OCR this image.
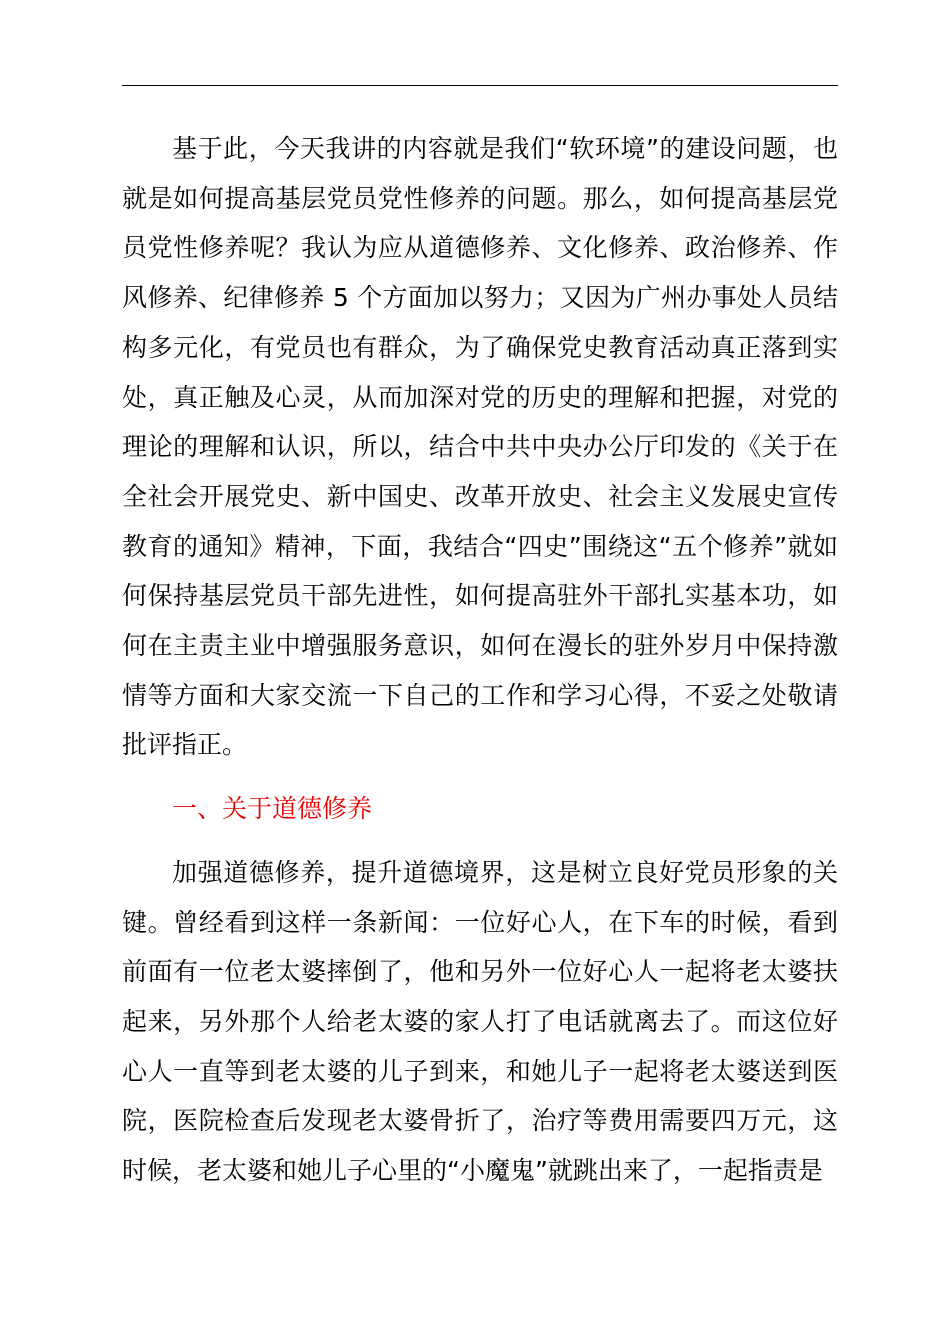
基于此，今天我讲的内容就是我们“软环境”的建设问题，也就是如何提高基层党员党性修养的问题。那么，如何提高基层党员党性修养呢？我认为应从道德修养、文化修养、政治修养、作风修养、纪律修养 5 个方面加以努力；又因为广州办事处人员结构多元化，有党员也有群众，为了确保党史教育活动真正落到实处，真正触及心灵，从而加深对党的历史的理解和把握，对党的理论的理解和认识，所以，结合中共中央办公厅印发的《关于在全社会开展党史、新中国史、改革开放史、社会主义发展史宣传教育的通知》精神，下面，我结合“四史”围绕这“五个修养”就如何保持基层党员干部先进性，如何提高驻外干部扎实基本功，如何在主责主业中增强服务意识，如何在漫长的驻外岁月中保持激情等方面和大家交流一下自己的工作和学习心得，不妥之处敬请批评指正。

一、关于道德修养

加强道德修养，提升道德境界，这是树立良好党员形象的关键。曾经看到这样一条新闻：一位好心人，在下车的时候，看到前面有一位老太婆摔倒了，他和另外一位好心人一起将老太婆扶起来，另外那个人给老太婆的家人打了电话就离去了。而这位好心人一直等到老太婆的儿子到来，和她儿子一起将老太婆送到医院，医院检查后发现老太婆骨折了，治疗等费用需要四万元，这时候，老太婆和她儿子心里的“小魔鬼”就跳出来了，一起指责是
